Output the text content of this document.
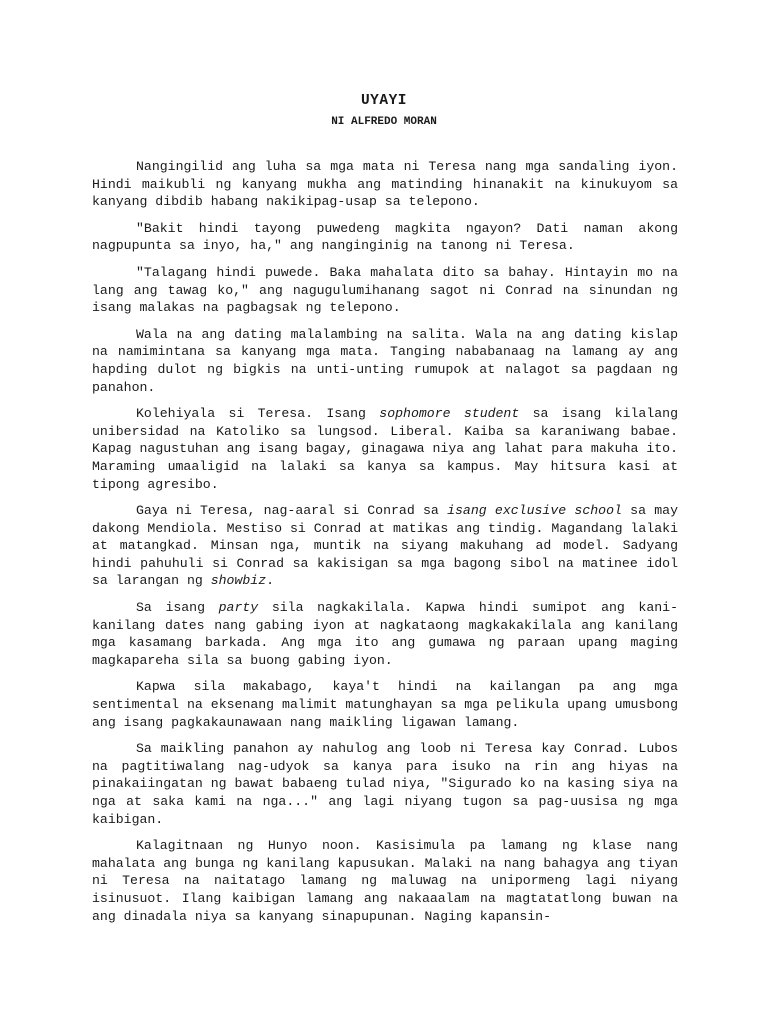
UYAYI
NI ALFREDO MORAN

Nangingilid ang luha sa mga mata ni Teresa nang mga sandaling iyon. Hindi maikubli ng kanyang mukha ang matinding hinanakit na kinukuyom sa kanyang dibdib habang nakikipag-usap sa telepono.

"Bakit hindi tayong puwedeng magkita ngayon? Dati naman akong nagpupunta sa inyo, ha," ang nanginginig na tanong ni Teresa.

"Talagang hindi puwede. Baka mahalata dito sa bahay. Hintayin mo na lang ang tawag ko," ang nagugulumihanang sagot ni Conrad na sinundan ng isang malakas na pagbagsak ng telepono.

Wala na ang dating malalambing na salita. Wala na ang dating kislap na namimintana sa kanyang mga mata. Tanging nababanaag na lamang ay ang hapding dulot ng bigkis na unti-unting rumupok at nalagot sa pagdaan ng panahon.

Kolehiyala si Teresa. Isang sophomore student sa isang kilalang unibersidad na Katoliko sa lungsod. Liberal. Kaiba sa karaniwang babae. Kapag nagustuhan ang isang bagay, ginagawa niya ang lahat para makuha ito. Maraming umaaligid na lalaki sa kanya sa kampus. May hitsura kasi at tipong agresibo.

Gaya ni Teresa, nag-aaral si Conrad sa isang exclusive school sa may dakong Mendiola. Mestiso si Conrad at matikas ang tindig. Magandang lalaki at matangkad. Minsan nga, muntik na siyang makuhang ad model. Sadyang hindi pahuhuli si Conrad sa kakisigan sa mga bagong sibol na matinee idol sa larangan ng showbiz.

Sa isang party sila nagkakilala. Kapwa hindi sumipot ang kani-kanilang dates nang gabing iyon at nagkataong magkakakilala ang kanilang mga kasamang barkada. Ang mga ito ang gumawa ng paraan upang maging magkapareha sila sa buong gabing iyon.

Kapwa sila makabago, kaya't hindi na kailangan pa ang mga sentimental na eksenang malimit matunghayan sa mga pelikula upang umusbong ang isang pagkakaunawaan nang maikling ligawan lamang.

Sa maikling panahon ay nahulog ang loob ni Teresa kay Conrad. Lubos na pagtitiwalang nag-udyok sa kanya para isuko na rin ang hiyas na pinakaiingatan ng bawat babaeng tulad niya, "Sigurado ko na kasing siya na nga at saka kami na nga..." ang lagi niyang tugon sa pag-uusisa ng mga kaibigan.

Kalagitnaan ng Hunyo noon. Kasisimula pa lamang ng klase nang mahalata ang bunga ng kanilang kapusukan. Malaki na nang bahagya ang tiyan ni Teresa na naitatago lamang ng maluwag na unipormeng lagi niyang isinusuot. Ilang kaibigan lamang ang nakaaalam na magtatatlong buwan na ang dinadala niya sa kanyang sinapupunan. Naging kapansin-
